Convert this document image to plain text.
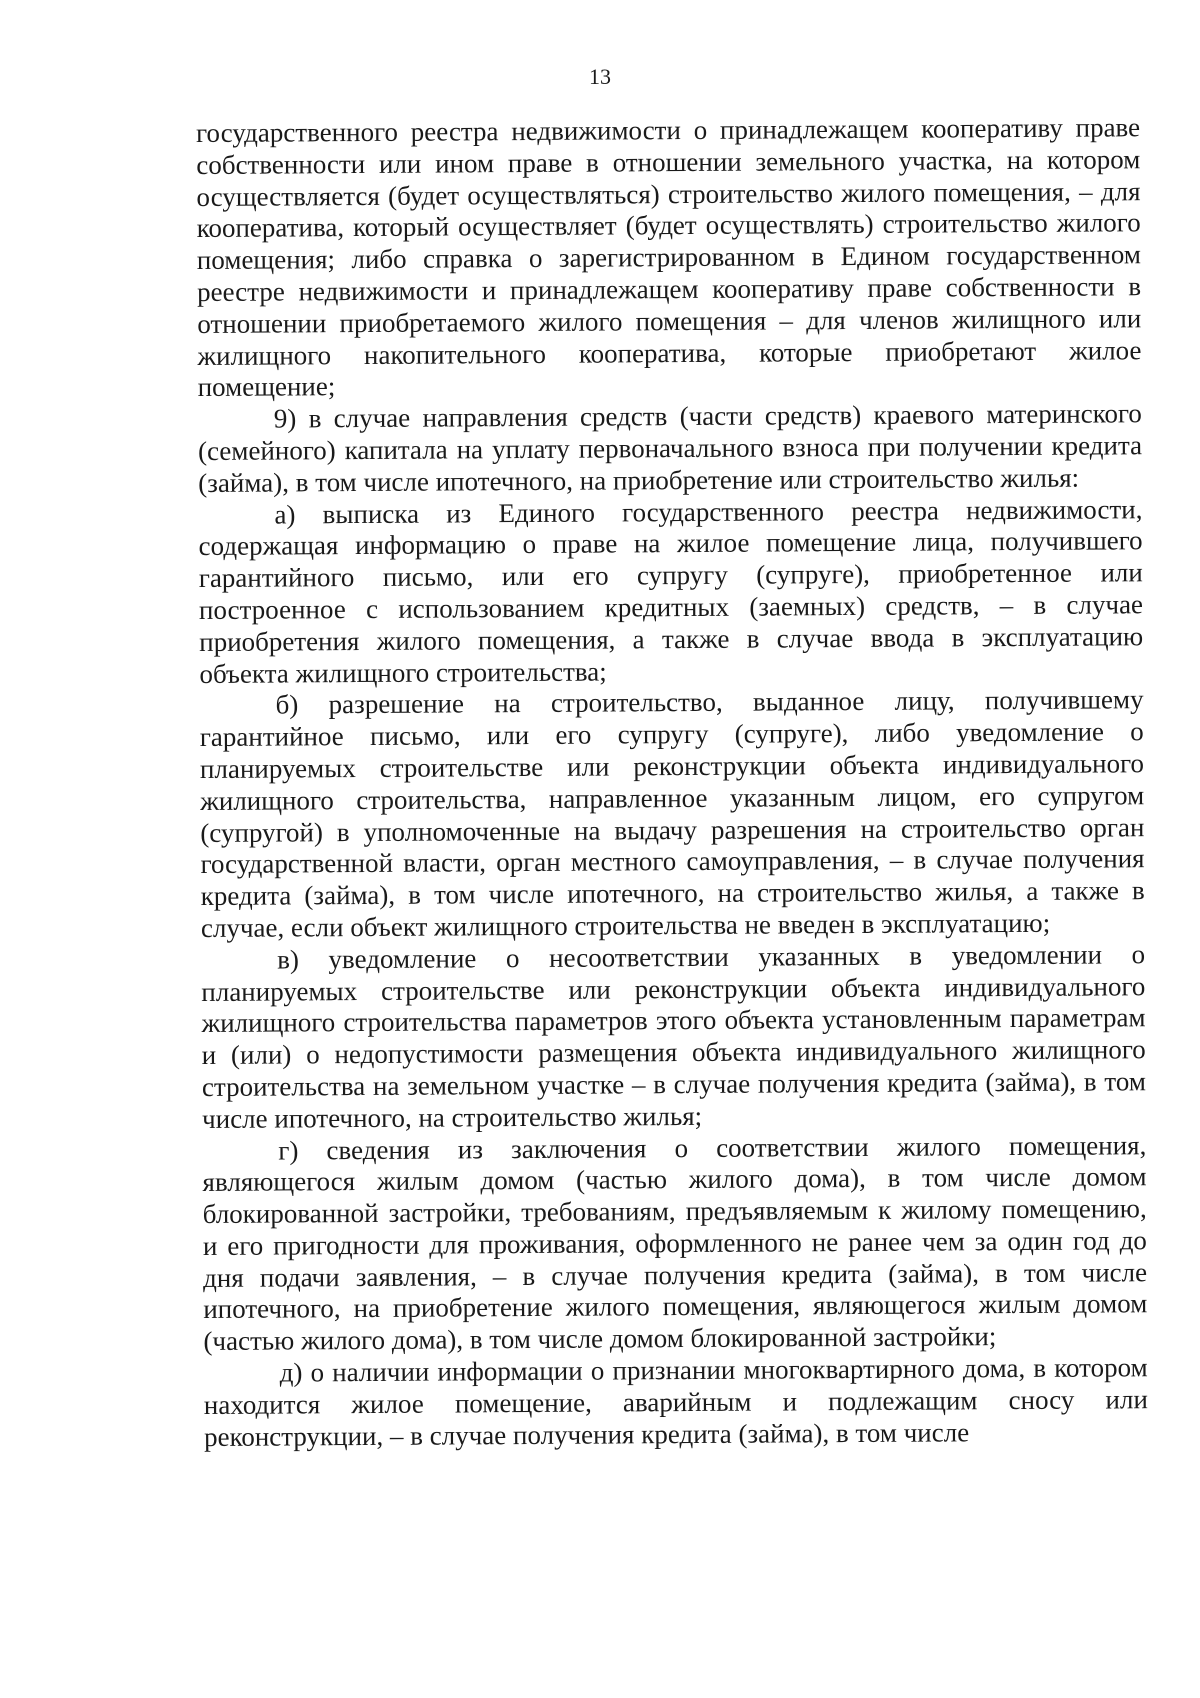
13

государственного реестра недвижимости о принадлежащем кооперативу праве собственности или ином праве в отношении земельного участка, на котором осуществляется (будет осуществляться) строительство жилого помещения, – для кооператива, который осуществляет (будет осуществлять) строительство жилого помещения; либо справка о зарегистрированном в Едином государственном реестре недвижимости и принадлежащем кооперативу праве собственности в отношении приобретаемого жилого помещения – для членов жилищного или жилищного накопительного кооператива, которые приобретают жилое помещение;

9) в случае направления средств (части средств) краевого материнского (семейного) капитала на уплату первоначального взноса при получении кредита (займа), в том числе ипотечного, на приобретение или строительство жилья:

а) выписка из Единого государственного реестра недвижимости, содержащая информацию о праве на жилое помещение лица, получившего гарантийного письмо, или его супругу (супруге), приобретенное или построенное с использованием кредитных (заемных) средств, – в случае приобретения жилого помещения, а также в случае ввода в эксплуатацию объекта жилищного строительства;

б) разрешение на строительство, выданное лицу, получившему гарантийное письмо, или его супругу (супруге), либо уведомление о планируемых строительстве или реконструкции объекта индивидуального жилищного строительства, направленное указанным лицом, его супругом (супругой) в уполномоченные на выдачу разрешения на строительство орган государственной власти, орган местного самоуправления, – в случае получения кредита (займа), в том числе ипотечного, на строительство жилья, а также в случае, если объект жилищного строительства не введен в эксплуатацию;

в) уведомление о несоответствии указанных в уведомлении о планируемых строительстве или реконструкции объекта индивидуального жилищного строительства параметров этого объекта установленным параметрам и (или) о недопустимости размещения объекта индивидуального жилищного строительства на земельном участке – в случае получения кредита (займа), в том числе ипотечного, на строительство жилья;

г) сведения из заключения о соответствии жилого помещения, являющегося жилым домом (частью жилого дома), в том числе домом блокированной застройки, требованиям, предъявляемым к жилому помещению, и его пригодности для проживания, оформленного не ранее чем за один год до дня подачи заявления, – в случае получения кредита (займа), в том числе ипотечного, на приобретение жилого помещения, являющегося жилым домом (частью жилого дома), в том числе домом блокированной застройки;

д) о наличии информации о признании многоквартирного дома, в котором находится жилое помещение, аварийным и подлежащим сносу или реконструкции, – в случае получения кредита (займа), в том числе
